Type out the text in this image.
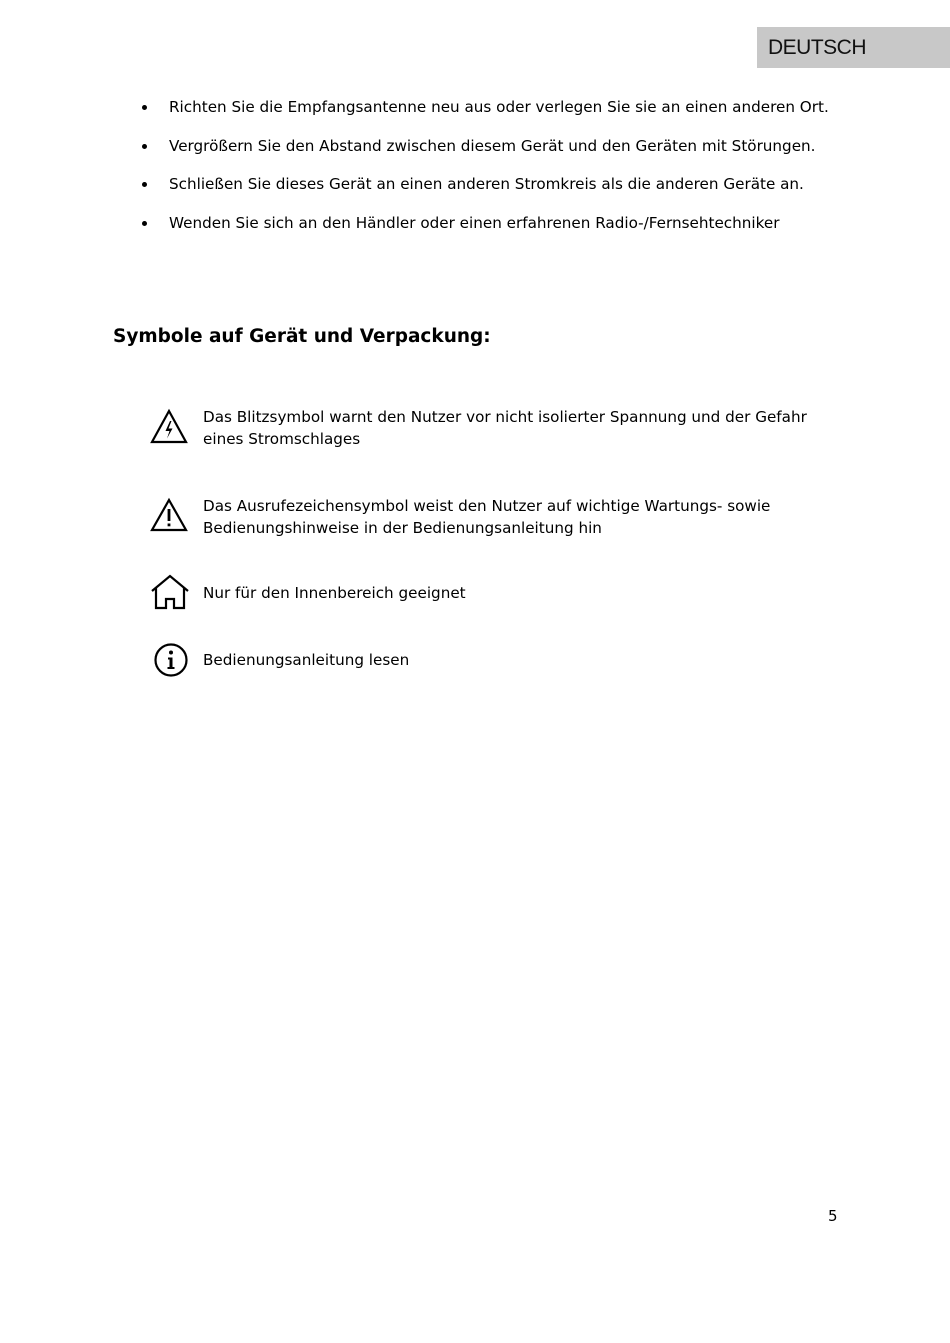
DEUTSCH
Richten Sie die Empfangsantenne neu aus oder verlegen Sie sie an einen anderen Ort.
Vergrößern Sie den Abstand zwischen diesem Gerät und den Geräten mit Störungen.
Schließen Sie dieses Gerät an einen anderen Stromkreis als die anderen Geräte an.
Wenden Sie sich an den Händler oder einen erfahrenen Radio-/Fernsehtechniker
Symbole auf Gerät und Verpackung:
Das Blitzsymbol warnt den Nutzer vor nicht isolierter Spannung und der Gefahr eines Stromschlages
Das Ausrufezeichensymbol weist den Nutzer auf wichtige Wartungs- sowie Bedienungshinweise in der Bedienungsanleitung hin
Nur für den Innenbereich geeignet
Bedienungsanleitung lesen
5
